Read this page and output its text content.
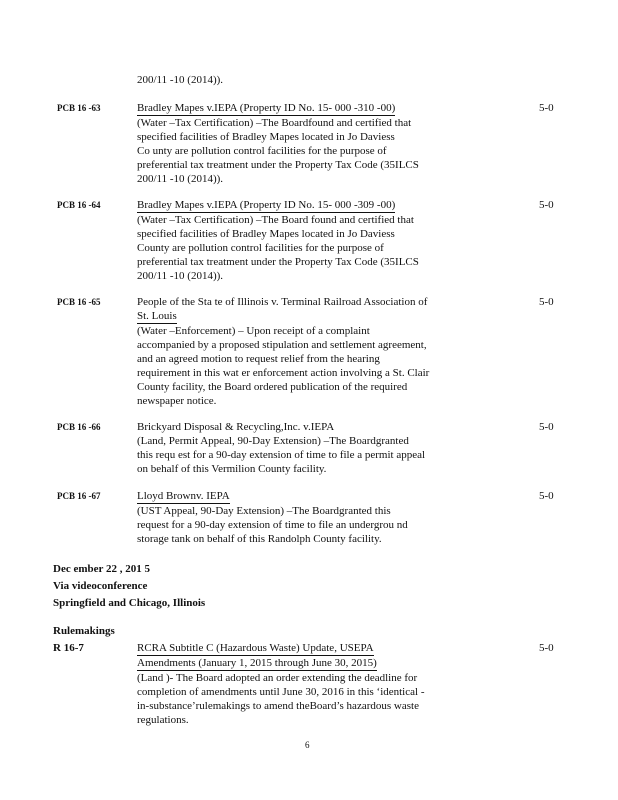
200/11 -10 (2014)).
PCB 16 -63	Bradley Mapes v.IEPA (Property ID No. 15- 000 -310 -00)
(Water –Tax Certification) –The Boardfound and certified that
specified facilities of Bradley Mapes located in Jo Daviess
Co unty are pollution control facilities for the purpose of
preferential tax treatment under the Property Tax Code (35ILCS
200/11 -10 (2014)).
5-0
PCB 16 -64	Bradley Mapes v.IEPA (Property ID No. 15- 000 -309 -00)
(Water –Tax Certification) –The Board found and certified that
specified facilities of Bradley Mapes located in Jo Daviess
County are pollution control facilities for the purpose of
preferential tax treatment under the Property Tax Code (35ILCS
200/11 -10 (2014)).
5-0
PCB 16 -65	People of the Sta te of Illinois v. Terminal Railroad Association of
St. Louis
(Water –Enforcement) – Upon receipt of a complaint
accompanied by a proposed stipulation and settlement agreement,
and an agreed motion to request relief from the hearing
requirement in this wat er enforcement action involving a St. Clair
County facility, the Board ordered publication of the required
newspaper notice.
5-0
PCB 16 -66	Brickyard Disposal & Recycling,Inc. v.IEPA
(Land, Permit Appeal, 90-Day Extension) –The Boardgranted
this requ est for a 90-day extension of time to file a permit appeal
on behalf of this Vermilion County facility.
5-0
PCB 16 -67	Lloyd Brownv. IEPA
(UST Appeal, 90-Day Extension) –The Boardgranted this
request for a 90-day extension of time to file an undergrou nd
storage tank on behalf of this Randolph County facility.
5-0
Dec ember 22 , 201 5
Via videoconference
Springfield and Chicago, Illinois
Rulemakings
R 16-7	RCRA Subtitle C (Hazardous Waste) Update, USEPA
Amendments (January 1, 2015 through June 30, 2015)
(Land )- The Board adopted an order extending the deadline for
completion of amendments until June 30, 2016 in this ‘identical -
in-substance’rulemakings to amend theBoard’s hazardous waste
regulations.
5-0
6
